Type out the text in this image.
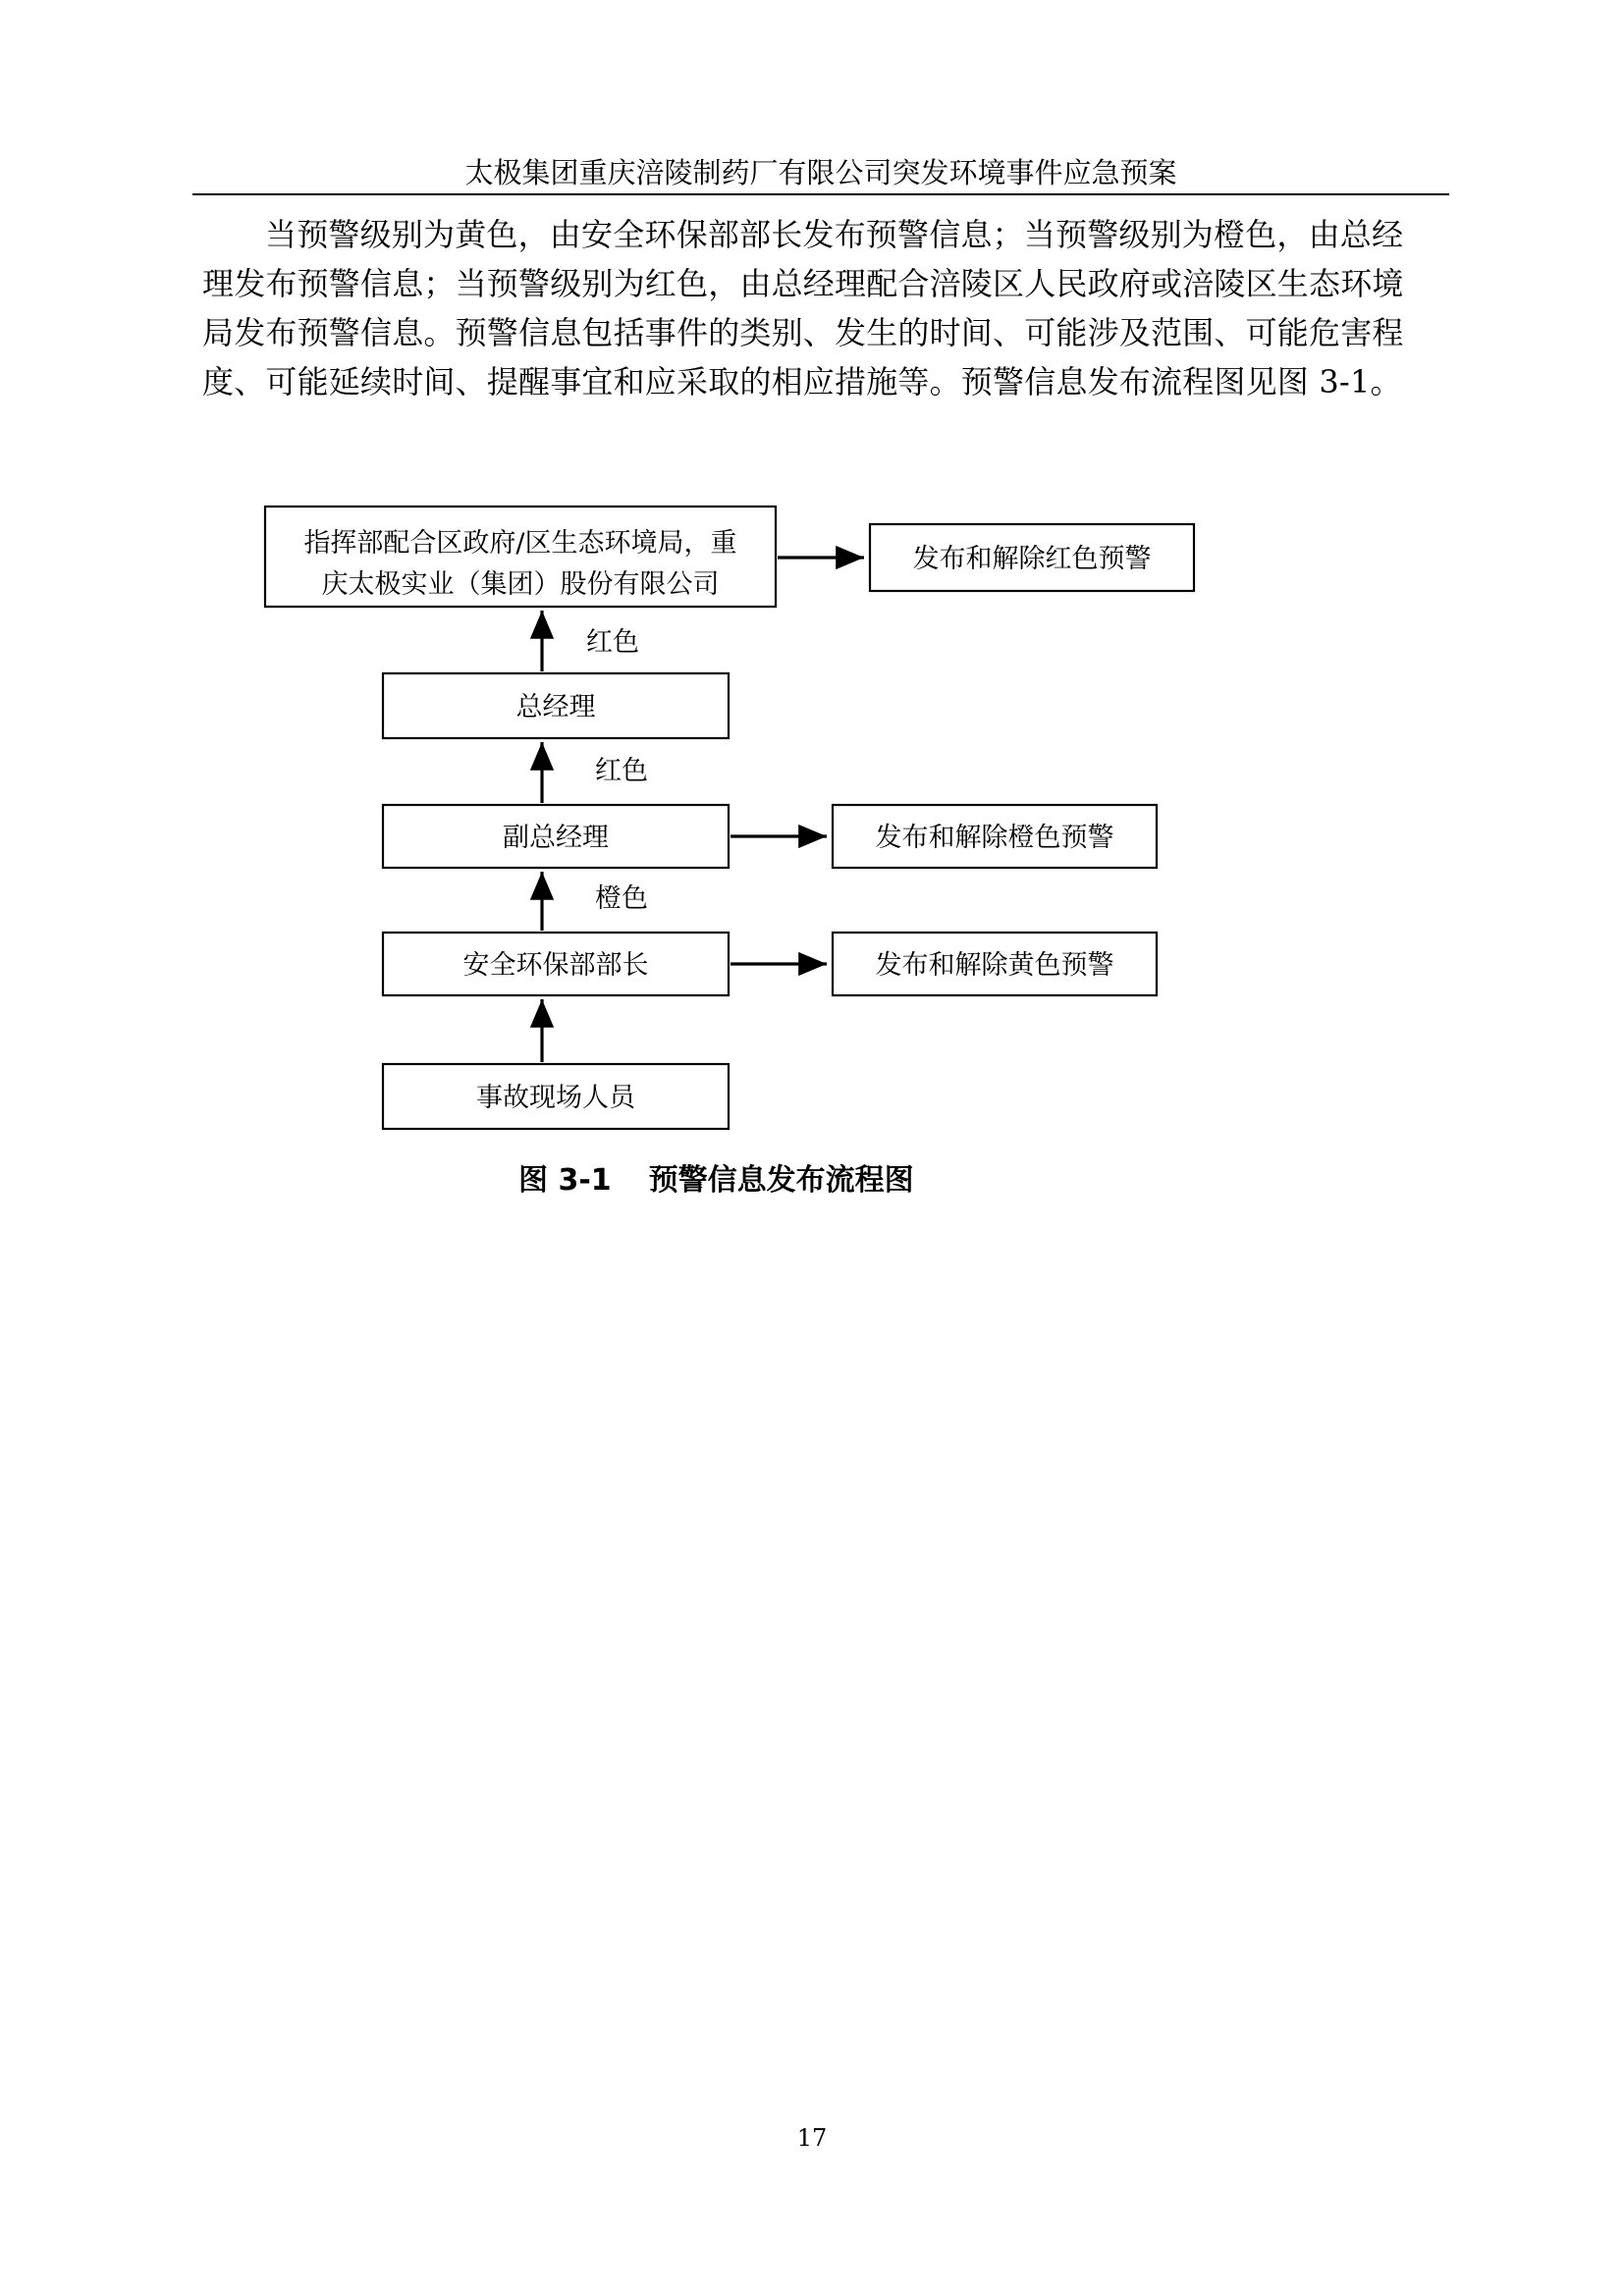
太极集团重庆涪陵制药厂有限公司突发环境事件应急预案

当预警级别为黄色，由安全环保部部长发布预警信息；当预警级别为橙色，由总经
理发布预警信息；当预警级别为红色，由总经理配合涪陵区人民政府或涪陵区生态环境
局发布预警信息。预警信息包括事件的类别、发生的时间、可能涉及范围、可能危害程
度、可能延续时间、提醒事宜和应采取的相应措施等。预警信息发布流程图见图 3-1。

指挥部配合区政府/区生态环境局，重
庆太极实业（集团）股份有限公司
发布和解除红色预警
总经理
副总经理	发布和解除橙色预警
安全环保部部长	发布和解除黄色预警
事故现场人员
红色
红色
橙色
图 3-1 预警信息发布流程图
17
